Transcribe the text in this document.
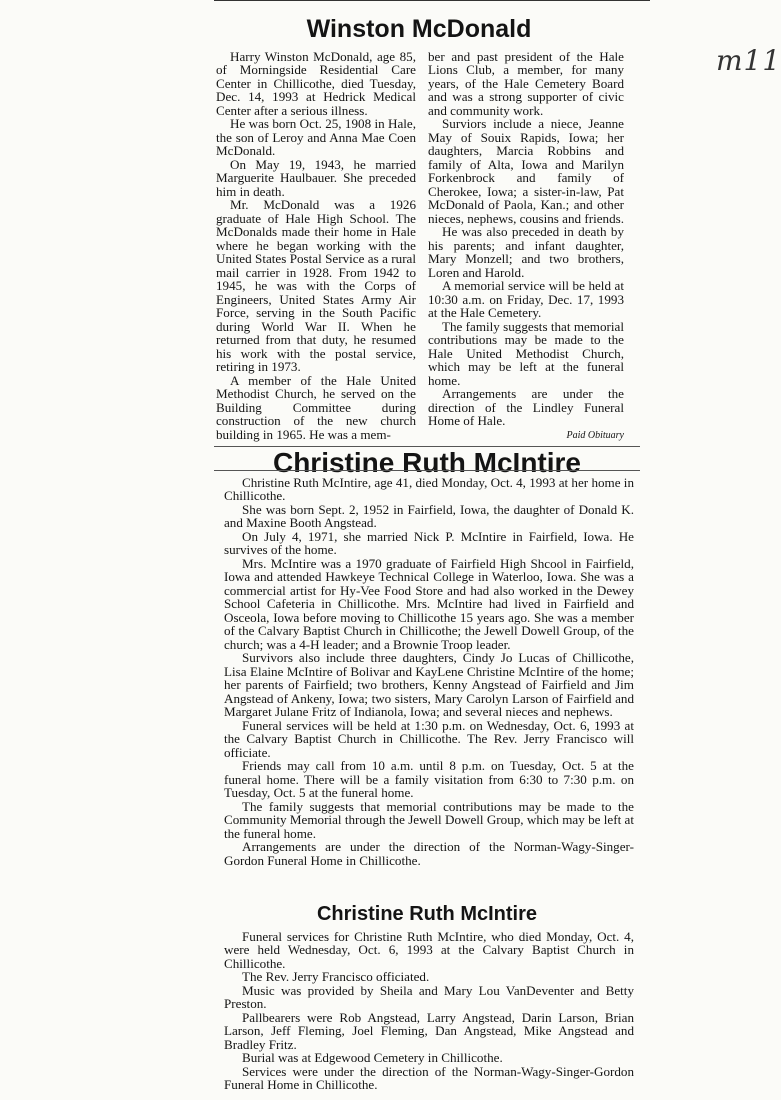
m11
Winston McDonald

Harry Winston McDonald, age 85, of Morningside Residential Care Center in Chillicothe, died Tuesday, Dec. 14, 1993 at Hedrick Medical Center after a serious illness.

He was born Oct. 25, 1908 in Hale, the son of Leroy and Anna Mae Coen McDonald.

On May 19, 1943, he married Marguerite Haulbauer. She preceded him in death.

Mr. McDonald was a 1926 graduate of Hale High School. The McDonalds made their home in Hale where he began working with the United States Postal Service as a rural mail carrier in 1928. From 1942 to 1945, he was with the Corps of Engineers, United States Army Air Force, serving in the South Pacific during World War II. When he returned from that duty, he resumed his work with the postal service, retiring in 1973.

A member of the Hale United Methodist Church, he served on the Building Committee during construction of the new church building in 1965. He was a mem-

ber and past president of the Hale Lions Club, a member, for many years, of the Hale Cemetery Board and was a strong supporter of civic and community work.

Surviors include a niece, Jeanne May of Souix Rapids, Iowa; her daughters, Marcia Robbins and family of Alta, Iowa and Marilyn Forkenbrock and family of Cherokee, Iowa; a sister-in-law, Pat McDonald of Paola, Kan.; and other nieces, nephews, cousins and friends.

He was also preceded in death by his parents; and infant daughter, Mary Monzell; and two brothers, Loren and Harold.

A memorial service will be held at 10:30 a.m. on Friday, Dec. 17, 1993 at the Hale Cemetery.

The family suggests that memorial contributions may be made to the Hale United Methodist Church, which may be left at the funeral home.

Arrangements are under the direction of the Lindley Funeral Home of Hale.

Paid Obituary

Christine Ruth McIntire

Christine Ruth McIntire, age 41, died Monday, Oct. 4, 1993 at her home in Chillicothe.

She was born Sept. 2, 1952 in Fairfield, Iowa, the daughter of Donald K. and Maxine Booth Angstead.

On July 4, 1971, she married Nick P. McIntire in Fairfield, Iowa. He survives of the home.

Mrs. McIntire was a 1970 graduate of Fairfield High Shcool in Fairfield, Iowa and attended Hawkeye Technical College in Waterloo, Iowa. She was a commercial artist for Hy-Vee Food Store and had also worked in the Dewey School Cafeteria in Chillicothe. Mrs. McIntire had lived in Fairfield and Osceola, Iowa before moving to Chillicothe 15 years ago. She was a member of the Calvary Baptist Church in Chillicothe; the Jewell Dowell Group, of the church; was a 4-H leader; and a Brownie Troop leader.

Survivors also include three daughters, Cindy Jo Lucas of Chillicothe, Lisa Elaine McIntire of Bolivar and KayLene Christine McIntire of the home; her parents of Fairfield; two brothers, Kenny Angstead of Fairfield and Jim Angstead of Ankeny, Iowa; two sisters, Mary Carolyn Larson of Fairfield and Margaret Julane Fritz of Indianola, Iowa; and several nieces and nephews.

Funeral services will be held at 1:30 p.m. on Wednesday, Oct. 6, 1993 at the Calvary Baptist Church in Chillicothe. The Rev. Jerry Francisco will officiate.

Friends may call from 10 a.m. until 8 p.m. on Tuesday, Oct. 5 at the funeral home. There will be a family visitation from 6:30 to 7:30 p.m. on Tuesday, Oct. 5 at the funeral home.

The family suggests that memorial contributions may be made to the Community Memorial through the Jewell Dowell Group, which may be left at the funeral home.

Arrangements are under the direction of the Norman-Wagy-Singer-Gordon Funeral Home in Chillicothe.

Christine Ruth McIntire

Funeral services for Christine Ruth McIntire, who died Monday, Oct. 4, were held Wednesday, Oct. 6, 1993 at the Calvary Baptist Church in Chillicothe.

The Rev. Jerry Francisco officiated.

Music was provided by Sheila and Mary Lou VanDeventer and Betty Preston.

Pallbearers were Rob Angstead, Larry Angstead, Darin Larson, Brian Larson, Jeff Fleming, Joel Fleming, Dan Angstead, Mike Angstead and Bradley Fritz.

Burial was at Edgewood Cemetery in Chillicothe.

Services were under the direction of the Norman-Wagy-Singer-Gordon Funeral Home in Chillicothe.
